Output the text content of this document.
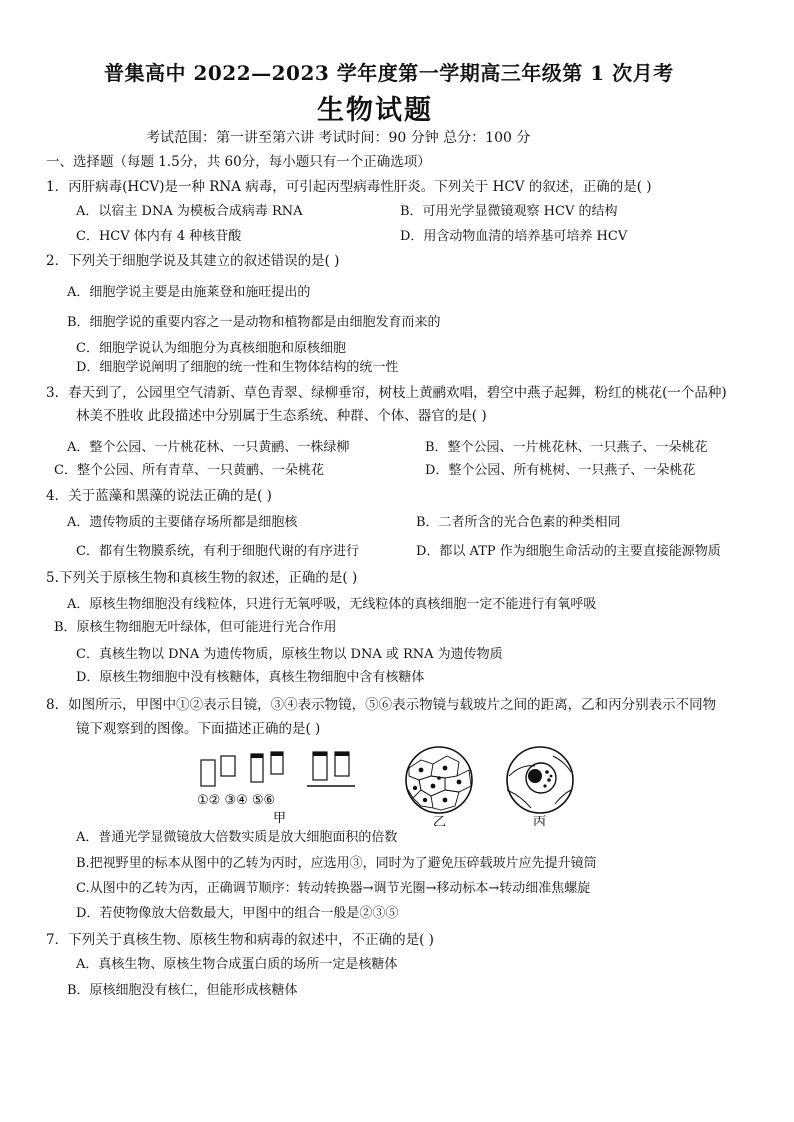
普集高中 2022—2023 学年度第一学期高三年级第 1 次月考
生物试题
考试范围：第一讲至第六讲 考试时间：90 分钟 总分：100 分
一、选择题（每题 1.5分，共 60分，每小题只有一个正确选项）
1．丙肝病毒(HCV)是一种 RNA 病毒，可引起丙型病毒性肝炎。下列关于 HCV 的叙述，正确的是( )
A．以宿主 DNA 为模板合成病毒 RNA	B．可用光学显微镜观察 HCV 的结构
C．HCV 体内有 4 种核苷酸	D．用含动物血清的培养基可培养 HCV
2．下列关于细胞学说及其建立的叙述错误的是( )
A．细胞学说主要是由施莱登和施旺提出的
B．细胞学说的重要内容之一是动物和植物都是由细胞发育而来的
C．细胞学说认为细胞分为真核细胞和原核细胞
D．细胞学说阐明了细胞的统一性和生物体结构的统一性
3．春天到了，公园里空气清新、草色青翠、绿柳垂帘，树枝上黄鹂欢唱，碧空中燕子起舞，粉红的桃花(一个品种)
林美不胜收 此段描述中分别属于生态系统、种群、个体、器官的是( )
A．整个公园、一片桃花林、一只黄鹂、一株绿柳	B．整个公园、一片桃花林、一只燕子、一朵桃花
C．整个公园、所有青草、一只黄鹂、一朵桃花	D．整个公园、所有桃树、一只燕子、一朵桃花
4．关于蓝藻和黑藻的说法正确的是( )
A．遗传物质的主要储存场所都是细胞核	B．二者所含的光合色素的种类相同
C．都有生物膜系统，有利于细胞代谢的有序进行	D．都以 ATP 作为细胞生命活动的主要直接能源物质
5.下列关于原核生物和真核生物的叙述，正确的是( )
A．原核生物细胞没有线粒体，只进行无氧呼吸，无线粒体的真核细胞一定不能进行有氧呼吸
B．原核生物细胞无叶绿体，但可能进行光合作用
C．真核生物以 DNA 为遗传物质，原核生物以 DNA 或 RNA 为遗传物质
D．原核生物细胞中没有核糖体，真核生物细胞中含有核糖体
8．如图所示，甲图中①②表示目镜，③④表示物镜，⑤⑥表示物镜与载玻片之间的距离，乙和丙分别表示不同物
镜下观察到的图像。下面描述正确的是( )
①② ③④ ⑤⑥
甲	乙	丙
A．普通光学显微镜放大倍数实质是放大细胞面积的倍数
B.把视野里的标本从图中的乙转为丙时，应选用③，同时为了避免压碎载玻片应先提升镜筒
C.从图中的乙转为丙，正确调节顺序：转动转换器→调节光圈→移动标本→转动细准焦螺旋
D．若使物像放大倍数最大，甲图中的组合一般是②③⑤
7．下列关于真核生物、原核生物和病毒的叙述中，不正确的是( )
A．真核生物、原核生物合成蛋白质的场所一定是核糖体
B．原核细胞没有核仁，但能形成核糖体
